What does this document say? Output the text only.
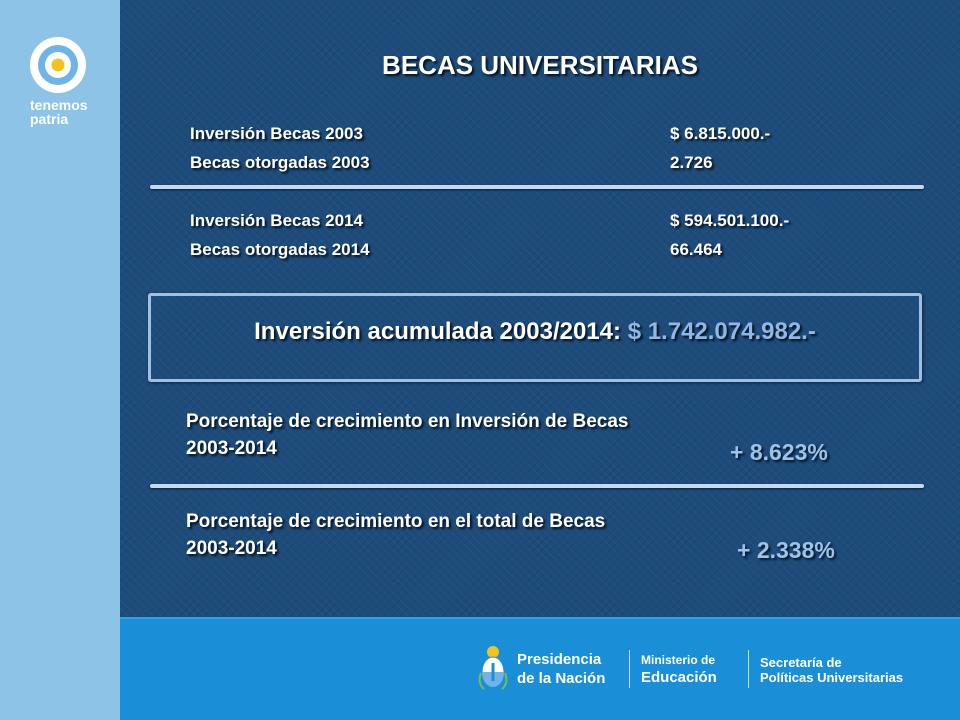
tenemos
patria
BECAS UNIVERSITARIAS
Inversión Becas 2003	$ 6.815.000.-
Becas otorgadas 2003	2.726
Inversión Becas 2014	$ 594.501.100.-
Becas otorgadas 2014	66.464
Inversión acumulada 2003/2014: $ 1.742.074.982.-
Porcentaje de crecimiento en Inversión de Becas
2003-2014	+ 8.623%
Porcentaje de crecimiento en el total de Becas
2003-2014	+ 2.338%
Presidencia
de la Nación
Ministerio de
Educación
Secretaría de
Políticas Universitarias
